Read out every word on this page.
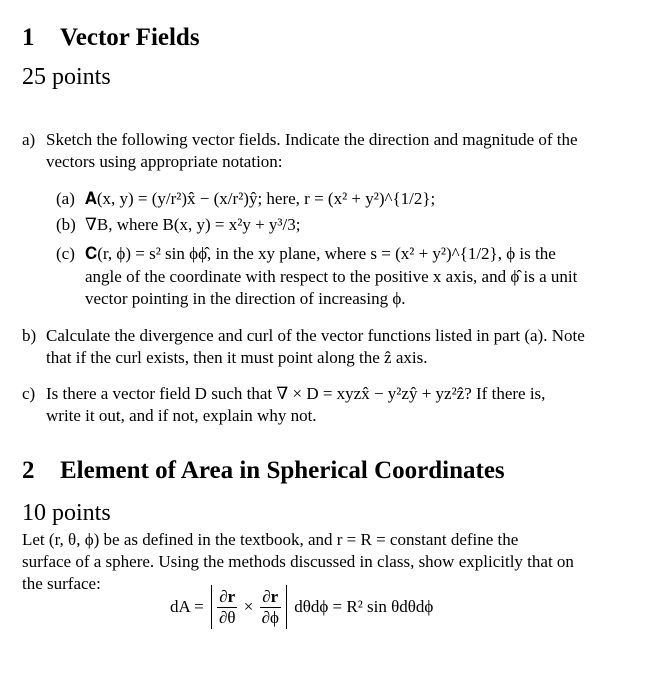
1 Vector Fields
25 points
a) Sketch the following vector fields. Indicate the direction and magnitude of the
vectors using appropriate notation:
(a) 𝐀(x, y) = (y/r²)x̂ − (x/r²)ŷ; here, r = (x² + y²)^{1/2};
(b) ∇B, where B(x, y) = x²y + y³/3;
(c) 𝐂(r, ϕ) = s² sin ϕϕ̂, in the xy plane, where s = (x² + y²)^{1/2}, ϕ is the
angle of the coordinate with respect to the positive x axis, and ϕ̂ is a unit
vector pointing in the direction of increasing ϕ.
b) Calculate the divergence and curl of the vector functions listed in part (a). Note
that if the curl exists, then it must point along the ẑ axis.
c) Is there a vector field D such that ∇ × D = xyzx̂ − y²zŷ + yz²ẑ? If there is,
write it out, and if not, explain why not.
2 Element of Area in Spherical Coordinates
10 points
Let (r, θ, ϕ) be as defined in the textbook, and r = R = constant define the
surface of a sphere. Using the methods discussed in class, show explicitly that on
the surface:
dA = $\frac{\partial r}{\partial\theta} \times \frac{\partial r}{\partial\phi}$ dθdϕ = R² sin θdθdϕ
